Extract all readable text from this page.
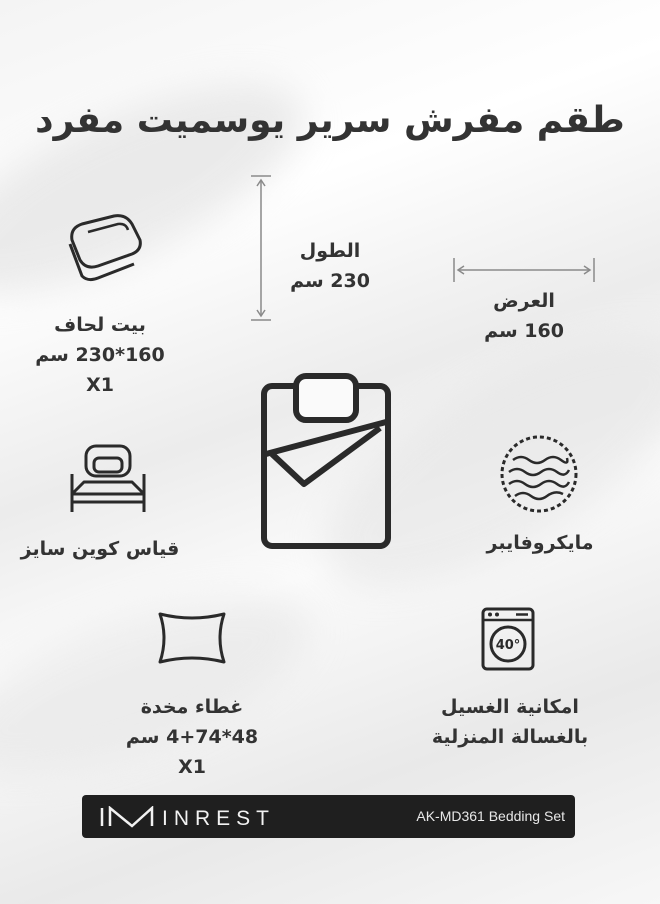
طقم مفرش سرير يوسميت مفرد
الطول
230 سم
العرض
160 سم
بيت لحاف
160*230 سم
X1
قياس كوين سايز	مايكروفايبر
غطاء مخدة
48*4+74 سم
X1
40°
امكانية الغسيل
بالغسالة المنزلية
INREST	AK-MD361 Bedding Set
